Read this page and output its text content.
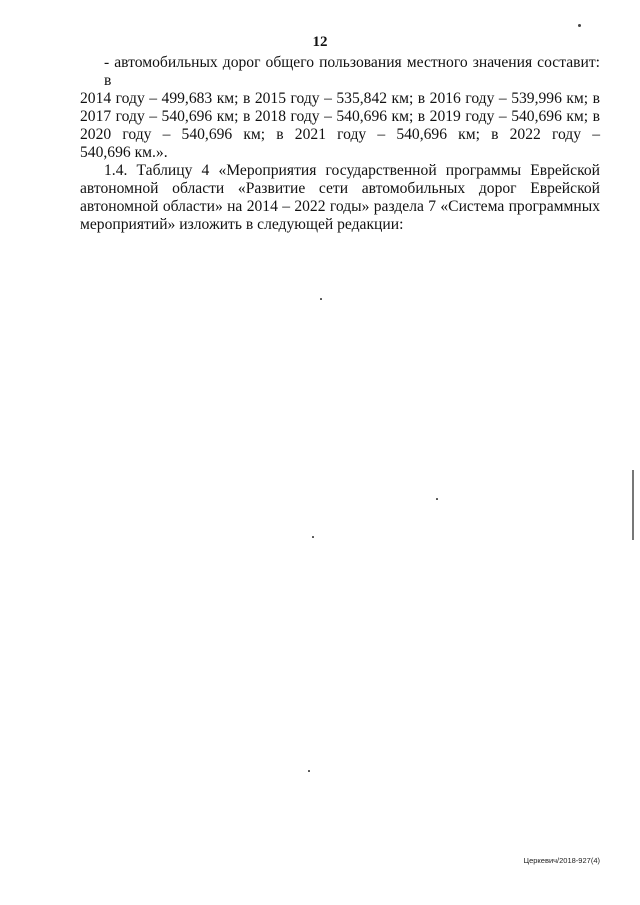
12
- автомобильных дорог общего пользования местного значения составит: в
2014 году – 499,683 км; в 2015 году – 535,842 км; в 2016 году – 539,996 км; в
2017 году – 540,696 км; в 2018 году – 540,696 км; в 2019 году – 540,696 км; в
2020 году – 540,696 км; в 2021 году – 540,696 км; в 2022 году –
540,696 км.».
1.4. Таблицу 4 «Мероприятия государственной программы Еврейской
автономной области «Развитие сети автомобильных дорог Еврейской
автономной области» на 2014 – 2022 годы» раздела 7 «Система программных
мероприятий» изложить в следующей редакции:
Церкевич/2018-927(4)
